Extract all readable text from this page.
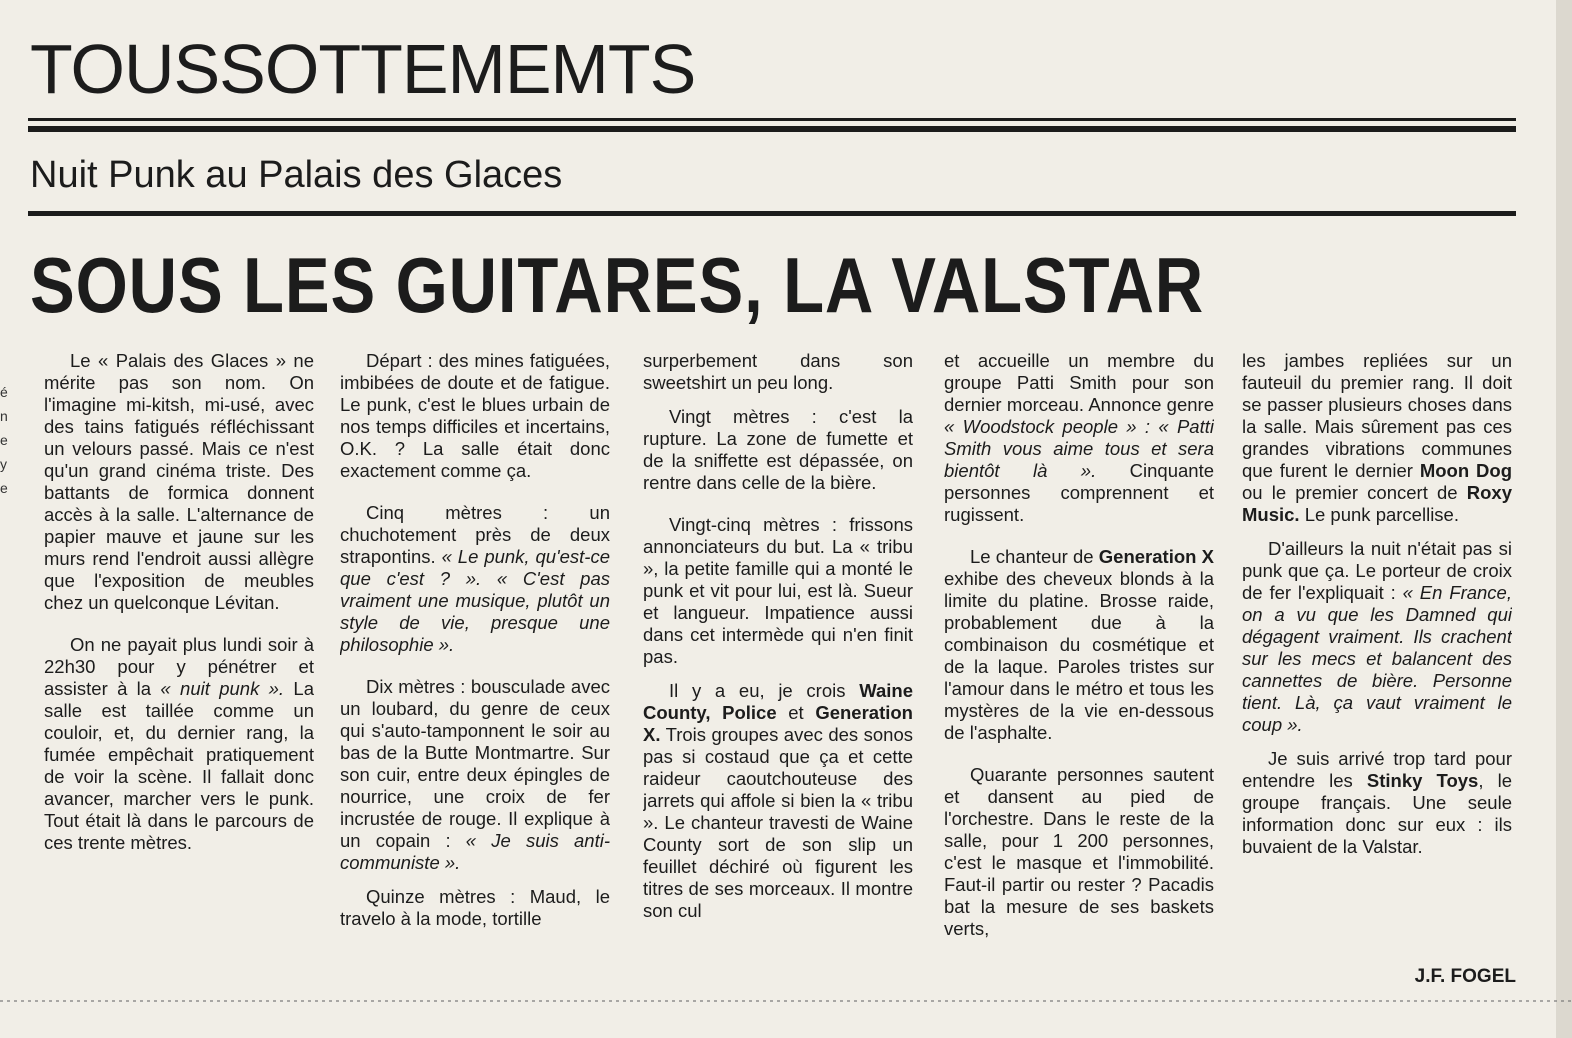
TOUSSOTTEMEMTS
Nuit Punk au Palais des Glaces
SOUS LES GUITARES, LA VALSTAR
é
n
e
y
e

Le « Palais des Glaces » ne mérite pas son nom. On l'imagine mi-kitsh, mi-usé, avec des tains fatigués réfléchissant un velours passé. Mais ce n'est qu'un grand cinéma triste. Des battants de formica donnent accès à la salle. L'alternance de papier mauve et jaune sur les murs rend l'endroit aussi allègre que l'exposition de meubles chez un quelconque Lévitan.

On ne payait plus lundi soir à 22h30 pour y pénétrer et assister à la « nuit punk ». La salle est taillée comme un couloir, et, du dernier rang, la fumée empêchait pratiquement de voir la scène. Il fallait donc avancer, marcher vers le punk. Tout était là dans le parcours de ces trente mètres.

Départ : des mines fatiguées, imbibées de doute et de fatigue. Le punk, c'est le blues urbain de nos temps difficiles et incertains, O.K. ? La salle était donc exactement comme ça.

Cinq mètres : un chuchotement près de deux strapontins. « Le punk, qu'est-ce que c'est ? ». « C'est pas vraiment une musique, plutôt un style de vie, presque une philosophie ».

Dix mètres : bousculade avec un loubard, du genre de ceux qui s'auto-tamponnent le soir au bas de la Butte Montmartre. Sur son cuir, entre deux épingles de nourrice, une croix de fer incrustée de rouge. Il explique à un copain : « Je suis anti-communiste ».

Quinze mètres : Maud, le travelo à la mode, tortille

surperbement dans son sweetshirt un peu long.

Vingt mètres : c'est la rupture. La zone de fumette et de la sniffette est dépassée, on rentre dans celle de la bière.

Vingt-cinq mètres : frissons annonciateurs du but. La « tribu », la petite famille qui a monté le punk et vit pour lui, est là. Sueur et langueur. Impatience aussi dans cet intermède qui n'en finit pas.

Il y a eu, je crois Waine County, Police et Generation X. Trois groupes avec des sonos pas si costaud que ça et cette raideur caoutchouteuse des jarrets qui affole si bien la « tribu ». Le chanteur travesti de Waine County sort de son slip un feuillet déchiré où figurent les titres de ses morceaux. Il montre son cul

et accueille un membre du groupe Patti Smith pour son dernier morceau. Annonce genre « Woodstock people » : « Patti Smith vous aime tous et sera bientôt là ». Cinquante personnes comprennent et rugissent.

Le chanteur de Generation X exhibe des cheveux blonds à la limite du platine. Brosse raide, probablement due à la combinaison du cosmétique et de la laque. Paroles tristes sur l'amour dans le métro et tous les mystères de la vie en-dessous de l'asphalte.

Quarante personnes sautent et dansent au pied de l'orchestre. Dans le reste de la salle, pour 1 200 personnes, c'est le masque et l'immobilité. Faut-il partir ou rester ? Pacadis bat la mesure de ses baskets verts,

les jambes repliées sur un fauteuil du premier rang. Il doit se passer plusieurs choses dans la salle. Mais sûrement pas ces grandes vibrations communes que furent le dernier Moon Dog ou le premier concert de Roxy Music. Le punk parcellise.

D'ailleurs la nuit n'était pas si punk que ça. Le porteur de croix de fer l'expliquait : « En France, on a vu que les Damned qui dégagent vraiment. Ils crachent sur les mecs et balancent des cannettes de bière. Personne tient. Là, ça vaut vraiment le coup ».

Je suis arrivé trop tard pour entendre les Stinky Toys, le groupe français. Une seule information donc sur eux : ils buvaient de la Valstar.

J.F. FOGEL
